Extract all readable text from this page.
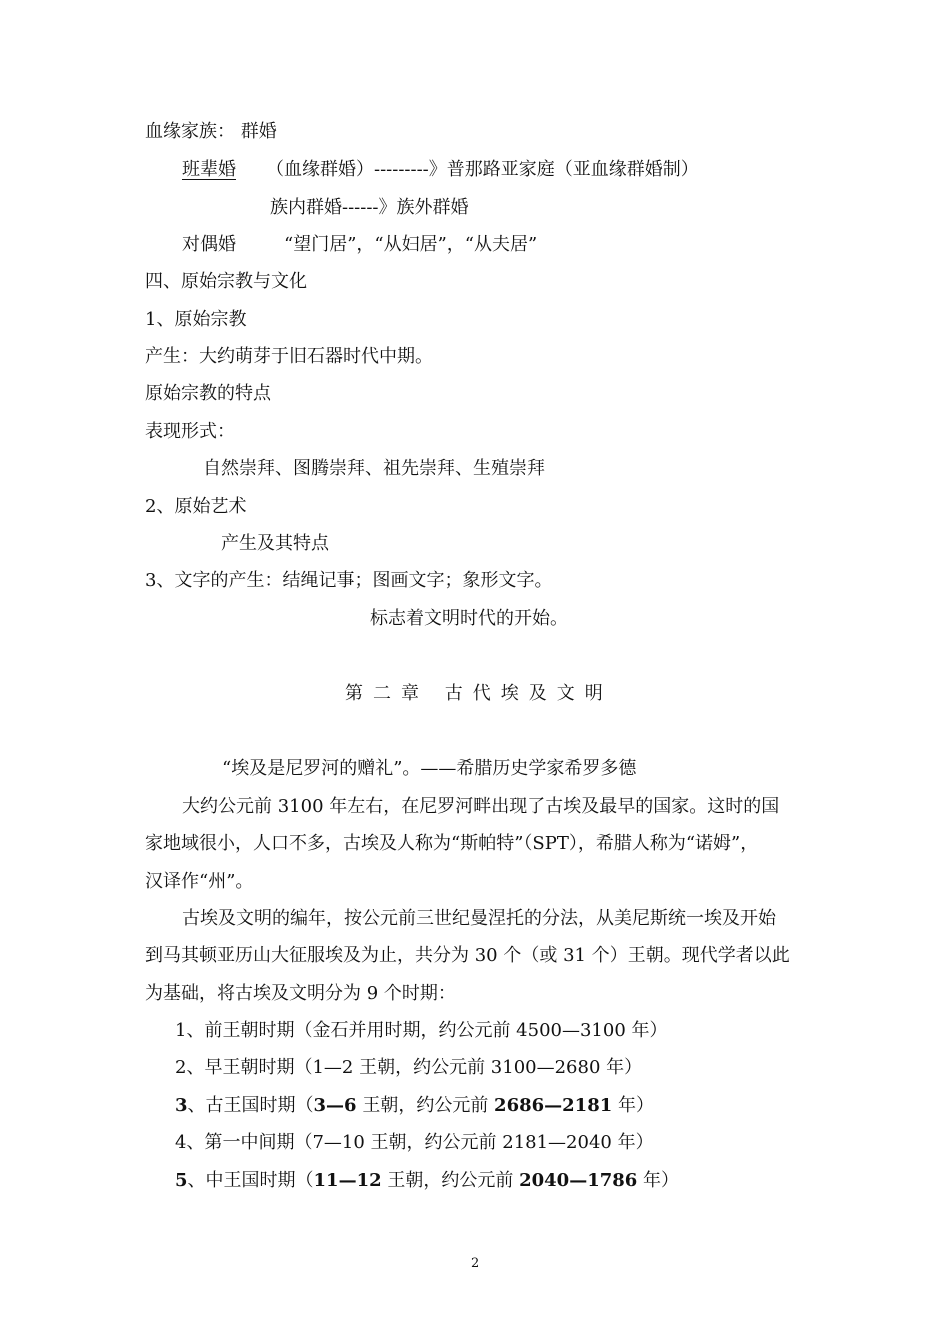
血缘家族： 群婚
班辈婚 （血缘群婚）---------》普那路亚家庭（亚血缘群婚制）
族内群婚------》族外群婚
对偶婚	“望门居”，“从妇居”，“从夫居”
四、原始宗教与文化
1、原始宗教
产生：大约萌芽于旧石器时代中期。
原始宗教的特点
表现形式：
自然崇拜、图腾崇拜、祖先崇拜、生殖崇拜
2、原始艺术
产生及其特点
3、文字的产生：结绳记事；图画文字；象形文字。
标志着文明时代的开始。
第二章 古代埃及文明
“埃及是尼罗河的赠礼”。——希腊历史学家希罗多德
大约公元前 3100 年左右，在尼罗河畔出现了古埃及最早的国家。这时的国
家地域很小，人口不多，古埃及人称为“斯帕特”（SPT），希腊人称为“诺姆”，
汉译作“州”。
古埃及文明的编年，按公元前三世纪曼涅托的分法，从美尼斯统一埃及开始
到马其顿亚历山大征服埃及为止，共分为 30 个（或 31 个）王朝。现代学者以此
为基础，将古埃及文明分为 9 个时期：
1、前王朝时期（金石并用时期，约公元前 4500—3100 年）
2、早王朝时期（1—2 王朝，约公元前 3100—2680 年）
3、古王国时期（3—6 王朝，约公元前 2686—2181 年）
4、第一中间期（7—10 王朝，约公元前 2181—2040 年）
5、中王国时期（11—12 王朝，约公元前 2040—1786 年）
2
